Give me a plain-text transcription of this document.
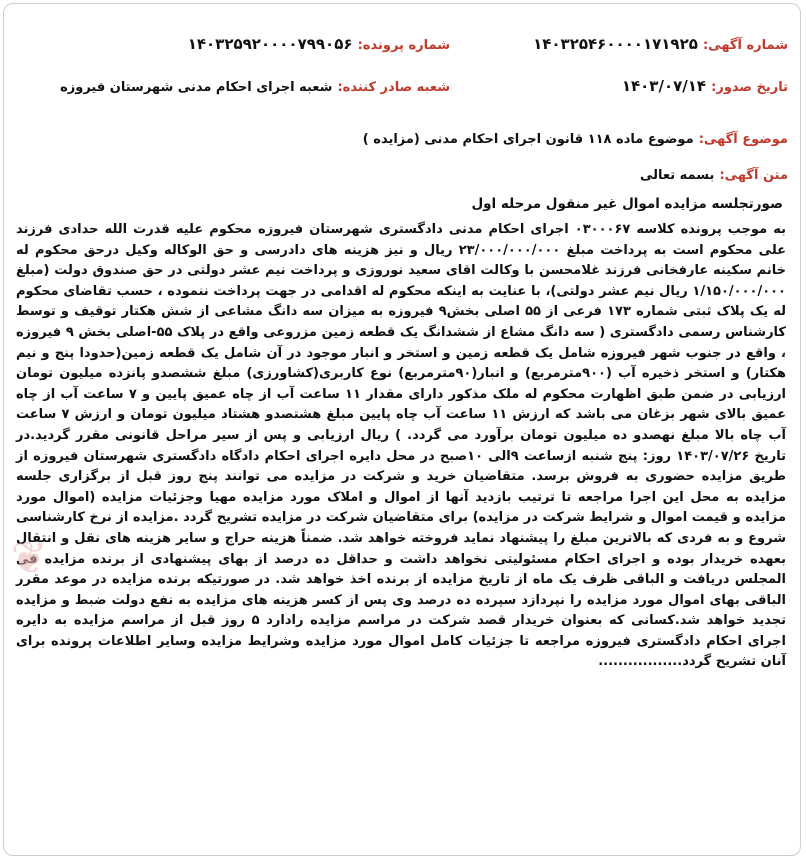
شماره آگهی: ۱۴۰۳۲۵۴۶۰۰۰۰۱۷۱۹۲۵
شماره پرونده: ۱۴۰۳۲۵۹۲۰۰۰۰۷۹۹۰۵۶
تاریخ صدور: ۱۴۰۳/۰۷/۱۴
شعبه صادر کننده: شعبه اجرای احکام مدنی شهرستان فیروزه
موضوع آگهی: موضوع ماده ۱۱۸ قانون اجرای احکام مدنی (مزایده )
متن آگهی: بسمه تعالی
صورتجلسه مزایده اموال غیر منقول مرحله اول
به موجب پرونده کلاسه ۰۳۰۰۰۶۷ اجرای احکام مدنی دادگستری شهرستان فیروزه محکوم علیه قدرت الله حدادی فرزند علی محکوم است به پرداخت مبلغ ۲۳/۰۰۰/۰۰۰/۰۰۰ ریال و نیز هزینه های دادرسی و حق الوکاله وکیل درحق محکوم له خانم سکینه عارفخانی فرزند غلامحسن با وکالت اقای سعید نوروزی و پرداخت نیم عشر دولتی در حق صندوق دولت (مبلغ ۱/۱۵۰/۰۰۰/۰۰۰ ریال نیم عشر دولتی)، با عنایت به اینکه محکوم له اقدامی در جهت پرداخت ننموده ، حسب تقاضای محکوم له یک پلاک ثبتی شماره ۱۷۳ فرعی از ۵۵ اصلی بخش۹ فیروزه به میزان سه دانگ مشاعی از شش هکتار توقیف و توسط کارشناس رسمی دادگستری ( سه دانگ مشاع از ششدانگ یک قطعه زمین مزروعی واقع در پلاک ۵۵-اصلی بخش ۹ فیروزه ، واقع در جنوب شهر فیروزه شامل یک قطعه زمین و استخر و انبار موجود در آن شامل یک قطعه زمین(حدودا پنج و نیم هکتار) و استخر ذخیره آب (۹۰۰مترمربع) و انبار(۹۰مترمربع) نوع کاربری(کشاورزی) مبلغ ششصدو پانزده میلیون تومان ارزیابی در ضمن طبق اظهارت محکوم له ملک مذکور دارای مقدار ۱۱ ساعت آب از چاه عمیق پایین و ۷ ساعت آب از چاه عمیق بالای شهر بزغان می باشد که ارزش ۱۱ ساعت آب چاه پایین مبلغ هشتصدو هشتاد میلیون تومان و ارزش ۷ ساعت آب چاه بالا مبلغ نهصدو ده میلیون تومان برآورد می گردد. ) ریال ارزیابی و پس از سیر مراحل قانونی مقرر گردید.در تاریخ ۱۴۰۳/۰۷/۲۶ روز: پنج شنبه ازساعت ۹الی ۱۰صبح در محل دایره اجرای احکام دادگاه دادگستری شهرستان فیروزه از طریق مزایده حضوری به فروش برسد. متقاضیان خرید و شرکت در مزایده می توانند پنج روز قبل از برگزاری جلسه مزایده به محل این اجرا مراجعه تا ترتیب بازدید آنها از اموال و املاک مورد مزایده مهیا وجزئیات مزایده (اموال مورد مزایده و قیمت اموال و شرایط شرکت در مزایده) برای متقاضیان شرکت در مزایده تشریح گردد .مزایده از نرخ کارشناسی شروع و به فردی که بالاترین مبلغ را پیشنهاد نماید فروخته خواهد شد. ضمناً هزینه حراج و سایر هزینه های نقل و انتقال بعهده خریدار بوده و اجرای احکام مسئولیتی نخواهد داشت و حداقل ده درصد از بهای پیشنهادی از برنده مزایده فی المجلس دریافت و الباقی ظرف یک ماه از تاریخ مزایده از برنده اخذ خواهد شد. در صورتیکه برنده مزایده در موعد مقرر الباقی بهای اموال مورد مزایده را نپردازد سپرده ده درصد وی پس از کسر هزینه های مزایده به نفع دولت ضبط و مزایده تجدید خواهد شد.کسانی که بعنوان خریدار قصد شرکت در مراسم مزایده رادارد ۵ روز قبل از مراسم مزایده به دایره اجرای احکام دادگستری فیروزه مراجعه تا جزئیات کامل اموال مورد مزایده وشرایط مزایده وسایر اطلاعات پرونده برای آنان تشریح گردد.................
❦
